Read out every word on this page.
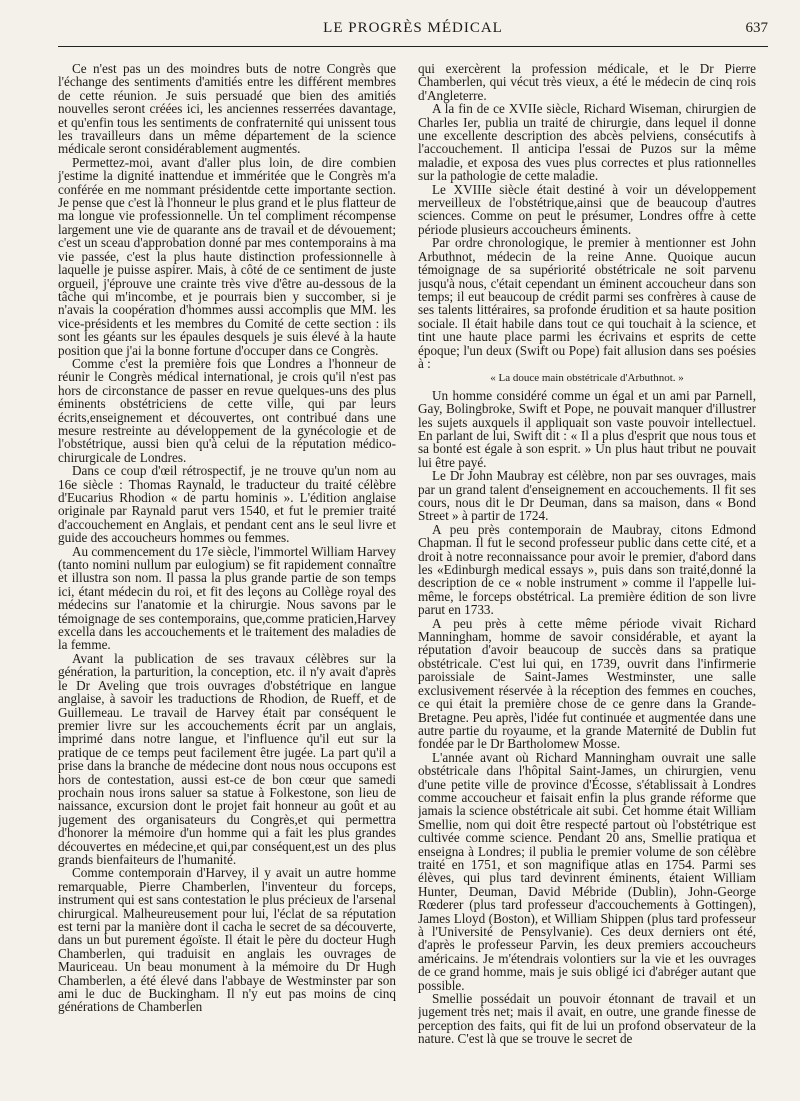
LE PROGRÈS MÉDICAL	637

Ce n'est pas un des moindres buts de notre Congrès que l'échange des sentiments d'amitiés entre les différent membres de cette réunion. Je suis persuadé que bien des amitiés nouvelles seront créées ici, les anciennes resserrées davantage, et qu'enfin tous les sentiments de confraternité qui unissent tous les travailleurs dans un même département de la science médicale seront considérablement augmentés.

Permettez-moi, avant d'aller plus loin, de dire combien j'estime la dignité inattendue et imméritée que le Congrès m'a conférée en me nommant présidentde cette importante section. Je pense que c'est là l'honneur le plus grand et le plus flatteur de ma longue vie professionnelle. Un tel compliment récompense largement une vie de quarante ans de travail et de dévouement; c'est un sceau d'approbation donné par mes contemporains à ma vie passée, c'est la plus haute distinction professionnelle à laquelle je puisse aspirer. Mais, à côté de ce sentiment de juste orgueil, j'éprouve une crainte très vive d'être au-dessous de la tâche qui m'incombe, et je pourrais bien y succomber, si je n'avais la coopération d'hommes aussi accomplis que MM. les vice-présidents et les membres du Comité de cette section : ils sont les géants sur les épaules desquels je suis élevé à la haute position que j'ai la bonne fortune d'occuper dans ce Congrès.

Comme c'est la première fois que Londres a l'honneur de réunir le Congrès médical international, je crois qu'il n'est pas hors de circonstance de passer en revue quelques-uns des plus éminents obstétriciens de cette ville, qui par leurs écrits,enseignement et découvertes, ont contribué dans une mesure restreinte au développement de la gynécologie et de l'obstétrique, aussi bien qu'à celui de la réputation médico-chirurgicale de Londres.

Dans ce coup d'œil rétrospectif, je ne trouve qu'un nom au 16e siècle : Thomas Raynald, le traducteur du traité célèbre d'Eucarius Rhodion « de partu hominis ». L'édition anglaise originale par Raynald parut vers 1540, et fut le premier traité d'accouchement en Anglais, et pendant cent ans le seul livre et guide des accoucheurs hommes ou femmes.

Au commencement du 17e siècle, l'immortel William Harvey (tanto nomini nullum par eulogium) se fit rapidement connaître et illustra son nom. Il passa la plus grande partie de son temps ici, étant médecin du roi, et fit des leçons au Collège royal des médecins sur l'anatomie et la chirurgie. Nous savons par le témoignage de ses contemporains, que,comme praticien,Harvey excella dans les accouchements et le traitement des maladies de la femme.

Avant la publication de ses travaux célèbres sur la génération, la parturition, la conception, etc. il n'y avait d'après le Dr Aveling que trois ouvrages d'obstétrique en langue anglaise, à savoir les traductions de Rhodion, de Rueff, et de Guillemeau. Le travail de Harvey était par conséquent le premier livre sur les accouchements écrit par un anglais, imprimé dans notre langue, et l'influence qu'il eut sur la pratique de ce temps peut facilement être jugée. La part qu'il a prise dans la branche de médecine dont nous nous occupons est hors de contestation, aussi est-ce de bon cœur que samedi prochain nous irons saluer sa statue à Folkestone, son lieu de naissance, excursion dont le projet fait honneur au goût et au jugement des organisateurs du Congrès,et qui permettra d'honorer la mémoire d'un homme qui a fait les plus grandes découvertes en médecine,et qui,par conséquent,est un des plus grands bienfaiteurs de l'humanité.

Comme contemporain d'Harvey, il y avait un autre homme remarquable, Pierre Chamberlen, l'inventeur du forceps, instrument qui est sans contestation le plus précieux de l'arsenal chirurgical. Malheureusement pour lui, l'éclat de sa réputation est terni par la manière dont il cacha le secret de sa découverte, dans un but purement égoïste. Il était le père du docteur Hugh Chamberlen, qui traduisit en anglais les ouvrages de Mauriceau. Un beau monument à la mémoire du Dr Hugh Chamberlen, a été élevé dans l'abbaye de Westminster par son ami le duc de Buckingham. Il n'y eut pas moins de cinq générations de Chamberlen

qui exercèrent la profession médicale, et le Dr Pierre Chamberlen, qui vécut très vieux, a été le médecin de cinq rois d'Angleterre.

A la fin de ce XVIIe siècle, Richard Wiseman, chirurgien de Charles Ier, publia un traité de chirurgie, dans lequel il donne une excellente description des abcès pelviens, consécutifs à l'accouchement. Il anticipa l'essai de Puzos sur la même maladie, et exposa des vues plus correctes et plus rationnelles sur la pathologie de cette maladie.

Le XVIIIe siècle était destiné à voir un développement merveilleux de l'obstétrique,ainsi que de beaucoup d'autres sciences. Comme on peut le présumer, Londres offre à cette période plusieurs accoucheurs éminents.

Par ordre chronologique, le premier à mentionner est John Arbuthnot, médecin de la reine Anne. Quoique aucun témoignage de sa supériorité obstétricale ne soit parvenu jusqu'à nous, c'était cependant un éminent accoucheur dans son temps; il eut beaucoup de crédit parmi ses confrères à cause de ses talents littéraires, sa profonde érudition et sa haute position sociale. Il était habile dans tout ce qui touchait à la science, et tint une haute place parmi les écrivains et esprits de cette époque; l'un deux (Swift ou Pope) fait allusion dans ses poésies à :

« La douce main obstétricale d'Arbuthnot. »

Un homme considéré comme un égal et un ami par Parnell, Gay, Bolingbroke, Swift et Pope, ne pouvait manquer d'illustrer les sujets auxquels il appliquait son vaste pouvoir intellectuel. En parlant de lui, Swift dit : « Il a plus d'esprit que nous tous et sa bonté est égale à son esprit. » Un plus haut tribut ne pouvait lui être payé.

Le Dr John Maubray est célèbre, non par ses ouvrages, mais par un grand talent d'enseignement en accouchements. Il fit ses cours, nous dit le Dr Deuman, dans sa maison, dans « Bond Street » à partir de 1724.

A peu près contemporain de Maubray, citons Edmond Chapman. Il fut le second professeur public dans cette cité, et a droit à notre reconnaissance pour avoir le premier, d'abord dans les «Edinburgh medical essays », puis dans son traité,donné la description de ce « noble instrument » comme il l'appelle lui-même, le forceps obstétrical. La première édition de son livre parut en 1733.

A peu près à cette même période vivait Richard Manningham, homme de savoir considérable, et ayant la réputation d'avoir beaucoup de succès dans sa pratique obstétricale. C'est lui qui, en 1739, ouvrit dans l'infirmerie paroissiale de Saint-James Westminster, une salle exclusivement réservée à la réception des femmes en couches, ce qui était la première chose de ce genre dans la Grande-Bretagne. Peu après, l'idée fut continuée et augmentée dans une autre partie du royaume, et la grande Maternité de Dublin fut fondée par le Dr Bartholomew Mosse.

L'année avant où Richard Manningham ouvrait une salle obstétricale dans l'hôpital Saint-James, un chirurgien, venu d'une petite ville de province d'Écosse, s'établissait à Londres comme accoucheur et faisait enfin la plus grande réforme que jamais la science obstétricale ait subi. Cet homme était William Smellie, nom qui doit être respecté partout où l'obstétrique est cultivée comme science. Pendant 20 ans, Smellie pratiqua et enseigna à Londres; il publia le premier volume de son célèbre traité en 1751, et son magnifique atlas en 1754. Parmi ses élèves, qui plus tard devinrent éminents, étaient William Hunter, Deuman, David Mébride (Dublin), John-George Rœderer (plus tard professeur d'accouchements à Gottingen), James Lloyd (Boston), et William Shippen (plus tard professeur à l'Université de Pensylvanie). Ces deux derniers ont été, d'après le professeur Parvin, les deux premiers accoucheurs américains. Je m'étendrais volontiers sur la vie et les ouvrages de ce grand homme, mais je suis obligé ici d'abréger autant que possible.

Smellie possédait un pouvoir étonnant de travail et un jugement très net; mais il avait, en outre, une grande finesse de perception des faits, qui fit de lui un profond observateur de la nature. C'est là que se trouve le secret de
